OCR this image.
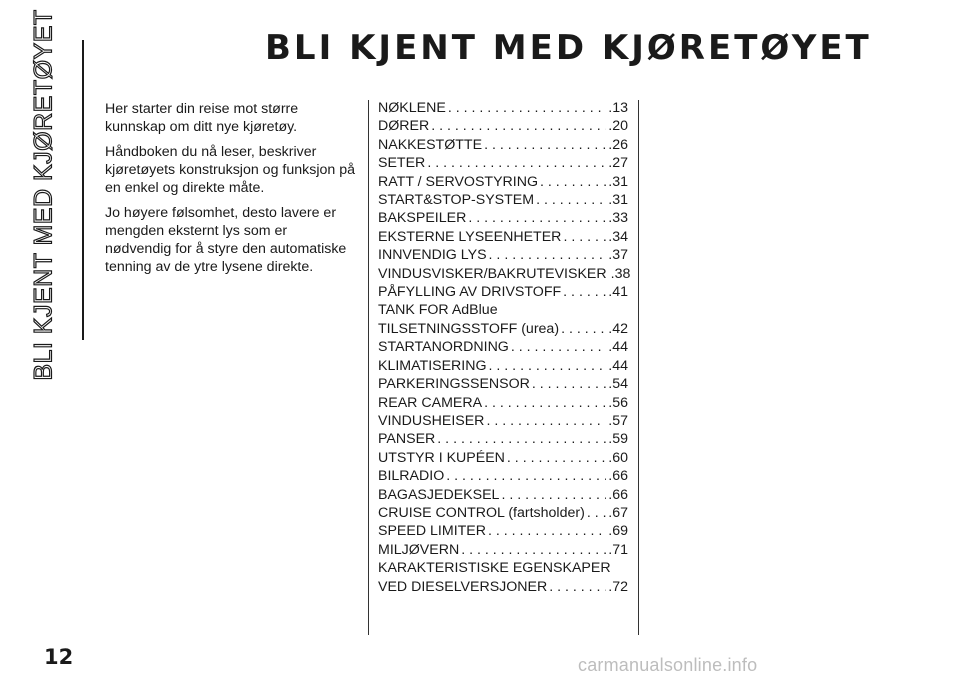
BLI KJENT MED KJØRETØYET	BLI KJENT MED KJØRETØYET

Her starter din reise mot større kunnskap om ditt nye kjøretøy.

Håndboken du nå leser, beskriver kjøretøyets konstruksjon og funksjon på en enkel og direkte måte.

Jo høyere følsomhet, desto lavere er mengden eksternt lys som er nødvendig for å styre den automatiske tenning av de ytre lysene direkte.

NØKLENE . . .	.13
DØRER . . .	.20
NAKKESTØTTE . . .	.26
SETER . . .	.27
RATT / SERVOSTYRING . . .	.31
START&STOP-SYSTEM . . .	.31
BAKSPEILER . . .	.33
EKSTERNE LYSEENHETER . . .	.34
INNVENDIG LYS . . .	.37
VINDUSVISKER/BAKRUTEVISKER . . . .38
PÅFYLLING AV DRIVSTOFF . . .	.41
TANK FOR AdBlue
TILSETNINGSSTOFF (urea) . . .	.42
STARTANORDNING . . .	.44
KLIMATISERING . . .	.44
PARKERINGSSENSOR . . .	.54
REAR CAMERA . . .	.56
VINDUSHEISER . . .	.57
PANSER . . .	.59
UTSTYR I KUPÉEN . . .	.60
BILRADIO . . .	.66
BAGASJEDEKSEL . . .	.66
CRUISE CONTROL (fartsholder) . . . .67
SPEED LIMITER . . .	.69
MILJØVERN . . .	.71
KARAKTERISTISKE EGENSKAPER
VED DIESELVERSJONER . . .	.72
12	carmanualsonline.info
